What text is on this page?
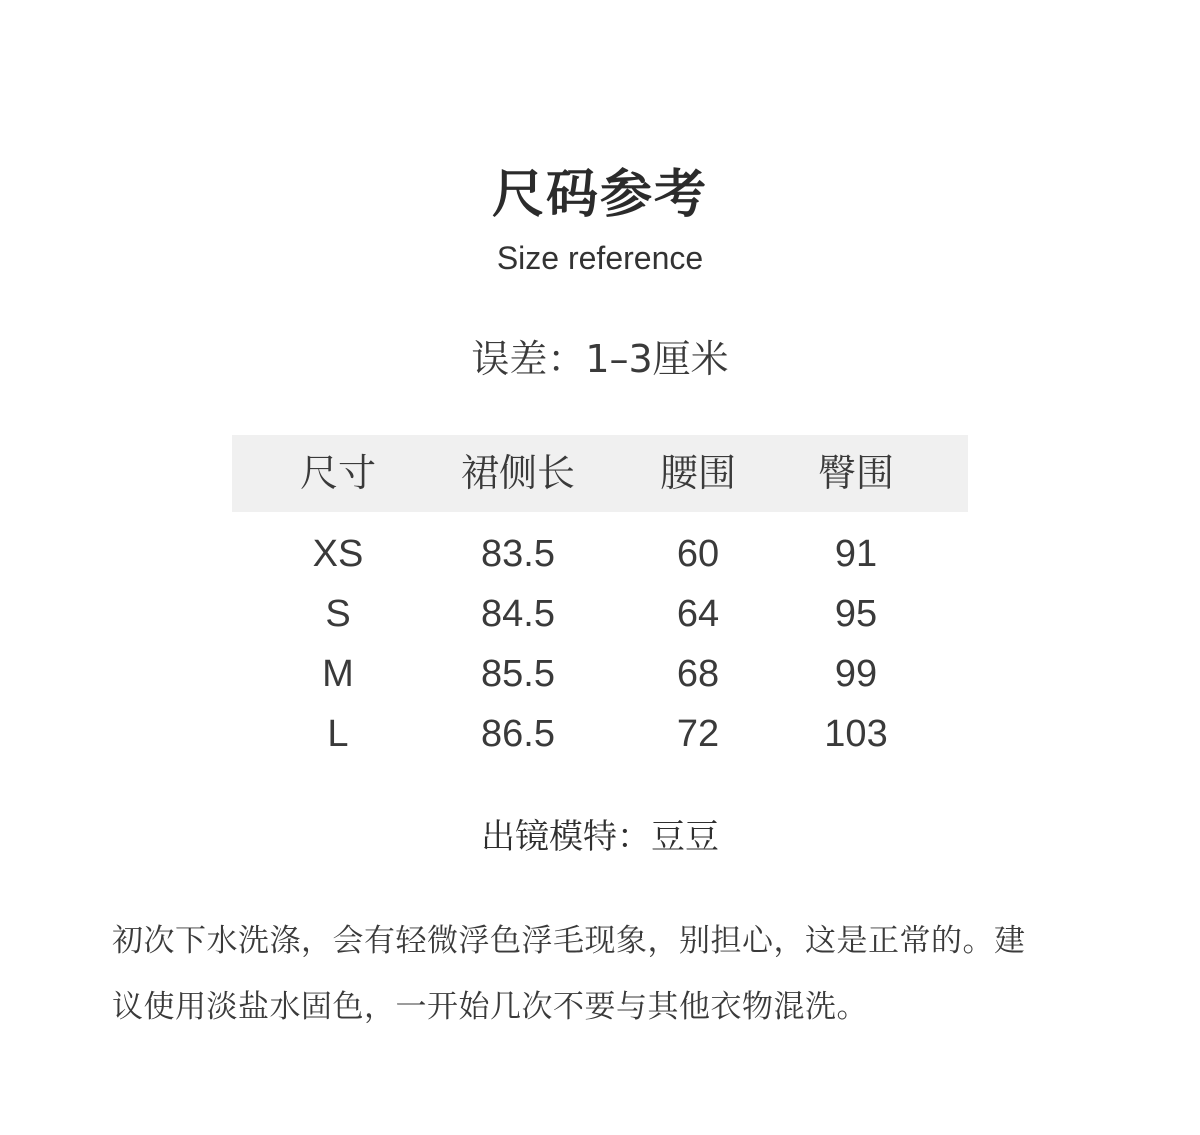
尺码参考
Size reference
误差：1–3厘米
尺寸	裙侧长	腰围	臀围
XS	83.5	60	91
S	84.5	64	95
M	85.5	68	99
L	86.5	72	103
出镜模特：豆豆
初次下水洗涤，会有轻微浮色浮毛现象，别担心，这是正常的。建
议使用淡盐水固色，一开始几次不要与其他衣物混洗。
